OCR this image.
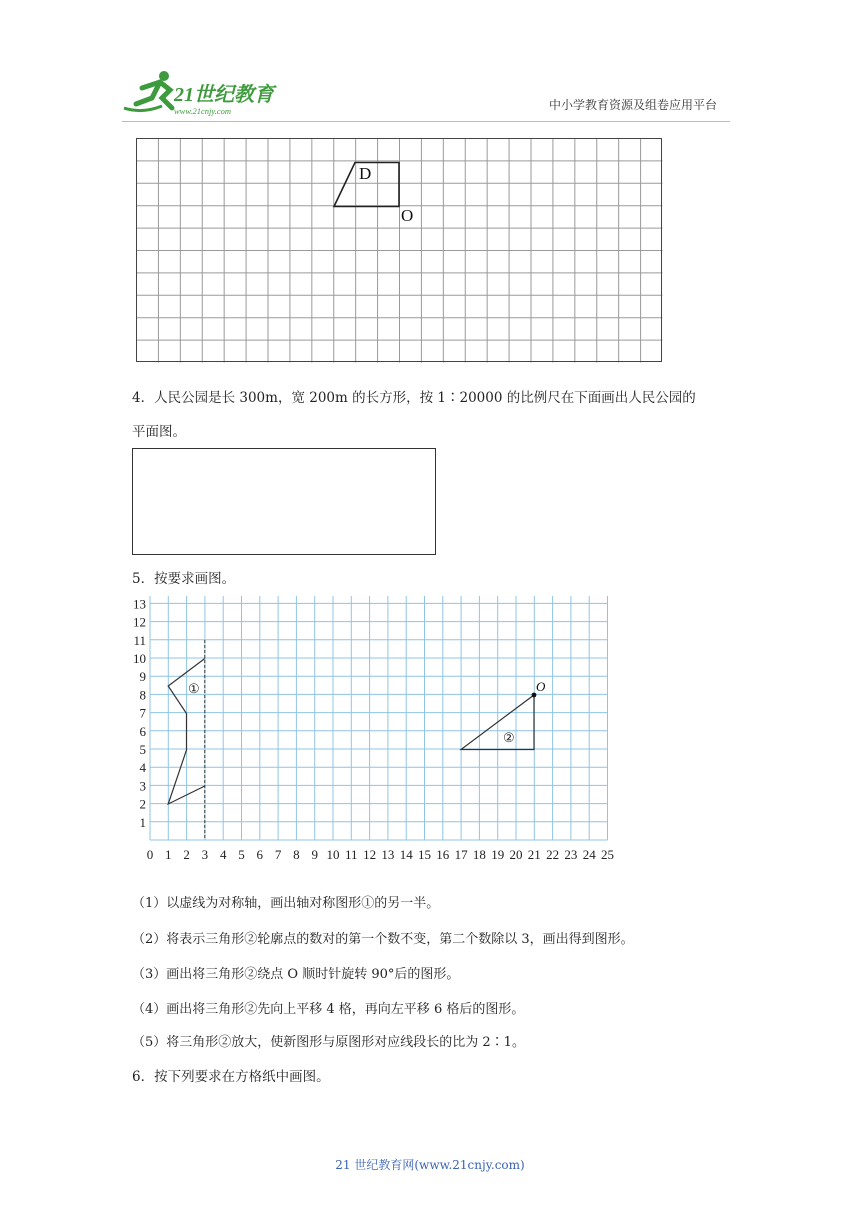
21世纪教育
www.21cnjy.com	中小学教育资源及组卷应用平台
D
O
4．人民公园是长 300m，宽 200m 的长方形，按 1∶20000 的比例尺在下面画出人民公园的
平面图。
5．按要求画图。
0 1 2 3 4 5 6 7 8 9 10 11 12 13 14 15 16 17 18 19 20 21 22 23 24 25
1
2
3
4
5
6
7
8
9
10
11
12
13
①	O
②
（1）以虚线为对称轴，画出轴对称图形①的另一半。
（2）将表示三角形②轮廓点的数对的第一个数不变，第二个数除以 3，画出得到图形。
（3）画出将三角形②绕点 O 顺时针旋转 90°后的图形。
（4）画出将三角形②先向上平移 4 格，再向左平移 6 格后的图形。
（5）将三角形②放大，使新图形与原图形对应线段长的比为 2∶1。
6．按下列要求在方格纸中画图。
21 世纪教育网(www.21cnjy.com)
